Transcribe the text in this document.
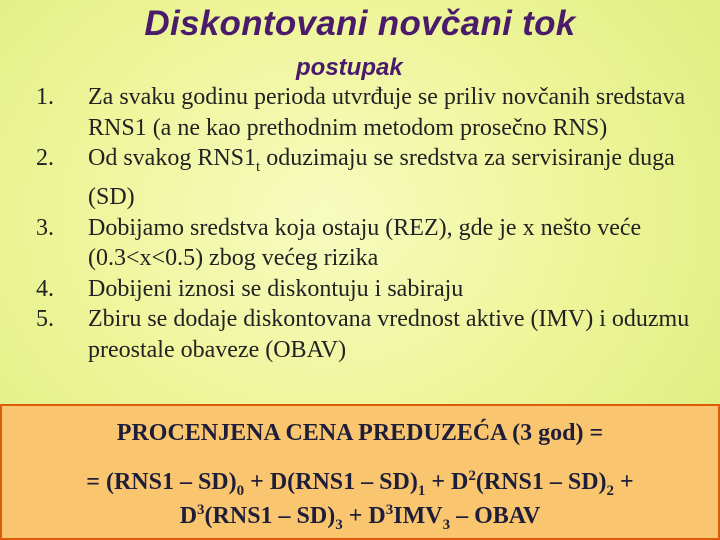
Diskontovani novčani tok
postupak
1.	Za svaku godinu perioda utvrđuje se priliv novčanih sredstava RNS1 (a ne kao prethodnim metodom prosečno RNS)
2.	Od svakog $RNS1_t$ oduzimaju se sredstva za servisiranje duga (SD)
3.	Dobijamo sredstva koja ostaju (REZ), gde je x nešto veće (0.3<x<0.5) zbog većeg rizika
4.	Dobijeni iznosi se diskontuju i sabiraju
5.	Zbiru se dodaje diskontovana vrednost aktive (IMV) i oduzmu preostale obaveze (OBAV)
PROCENJENA CENA PREDUZEĆA (3 god) =
= $(RNS1 - SD)_0 + D(RNS1 - SD)_1 + D^2(RNS1 - SD)_2$ +
$D^3(RNS1 - SD)_3 + D^3IMV_3$ – OBAV
